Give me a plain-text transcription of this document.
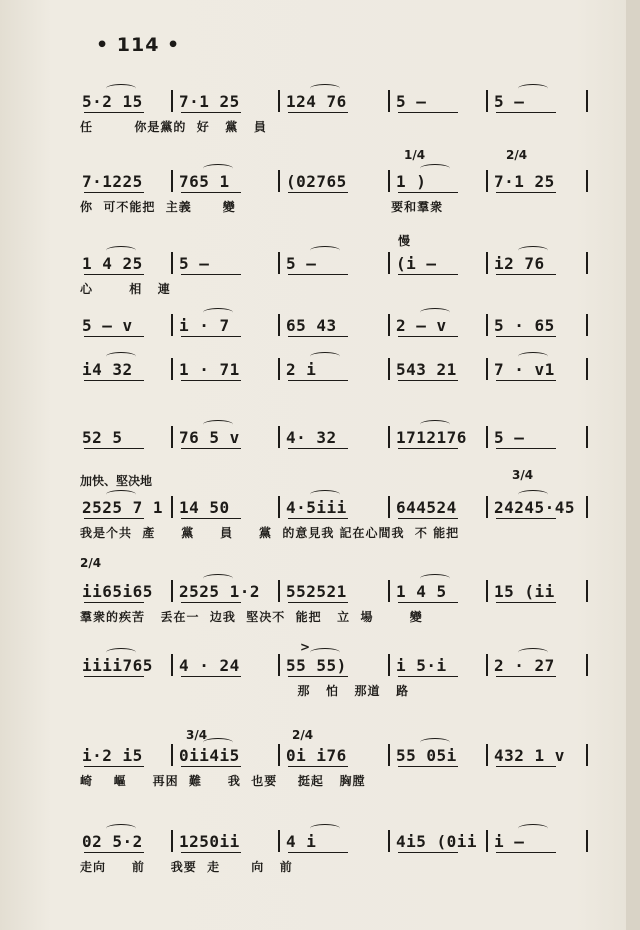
• 114 •
5·2 15 7·1 25	124 76	5 —	5 —
任        你是黨的  好   黨   員
7·1225 765 1	(02765	1 )	7·1 25
你  可不能把  主義      變                              要和羣衆
1/4	2/4
1 4 25 5 —	5 —	(i —	i2 76
心       相   連
慢
5 — v	i · 7	65 43	2 — v	5 · 65
i4 32	1 · 71	2 i	543 21 7 · v1
52 5	76 5 v	4· 32	1712176 5 —
2525 7 1 14 50	4·5iii	644524 24245·45
我是个共  產     黨     員     黨  的意見我 記在心間我  不 能把
加快、堅决地	3/4
ii65i65 2525 1·2 552521	1 4 5	15 (ii
羣衆的疾苦   丢在一  边我  堅决不  能把   立  場       變
2/4
iiii765 4 · 24	55 55)	i 5·i	2 · 27
那   怕   那道   路
>
i·2 i5 0ii4i5	0i i76	55 05i 432 1 v
崎    嶇     再困  難     我  也要    挺起   胸膛
3/4	2/4
02 5·2 1250ii	4 i	4i5 (0ii i —
走向     前     我要  走      向   前
